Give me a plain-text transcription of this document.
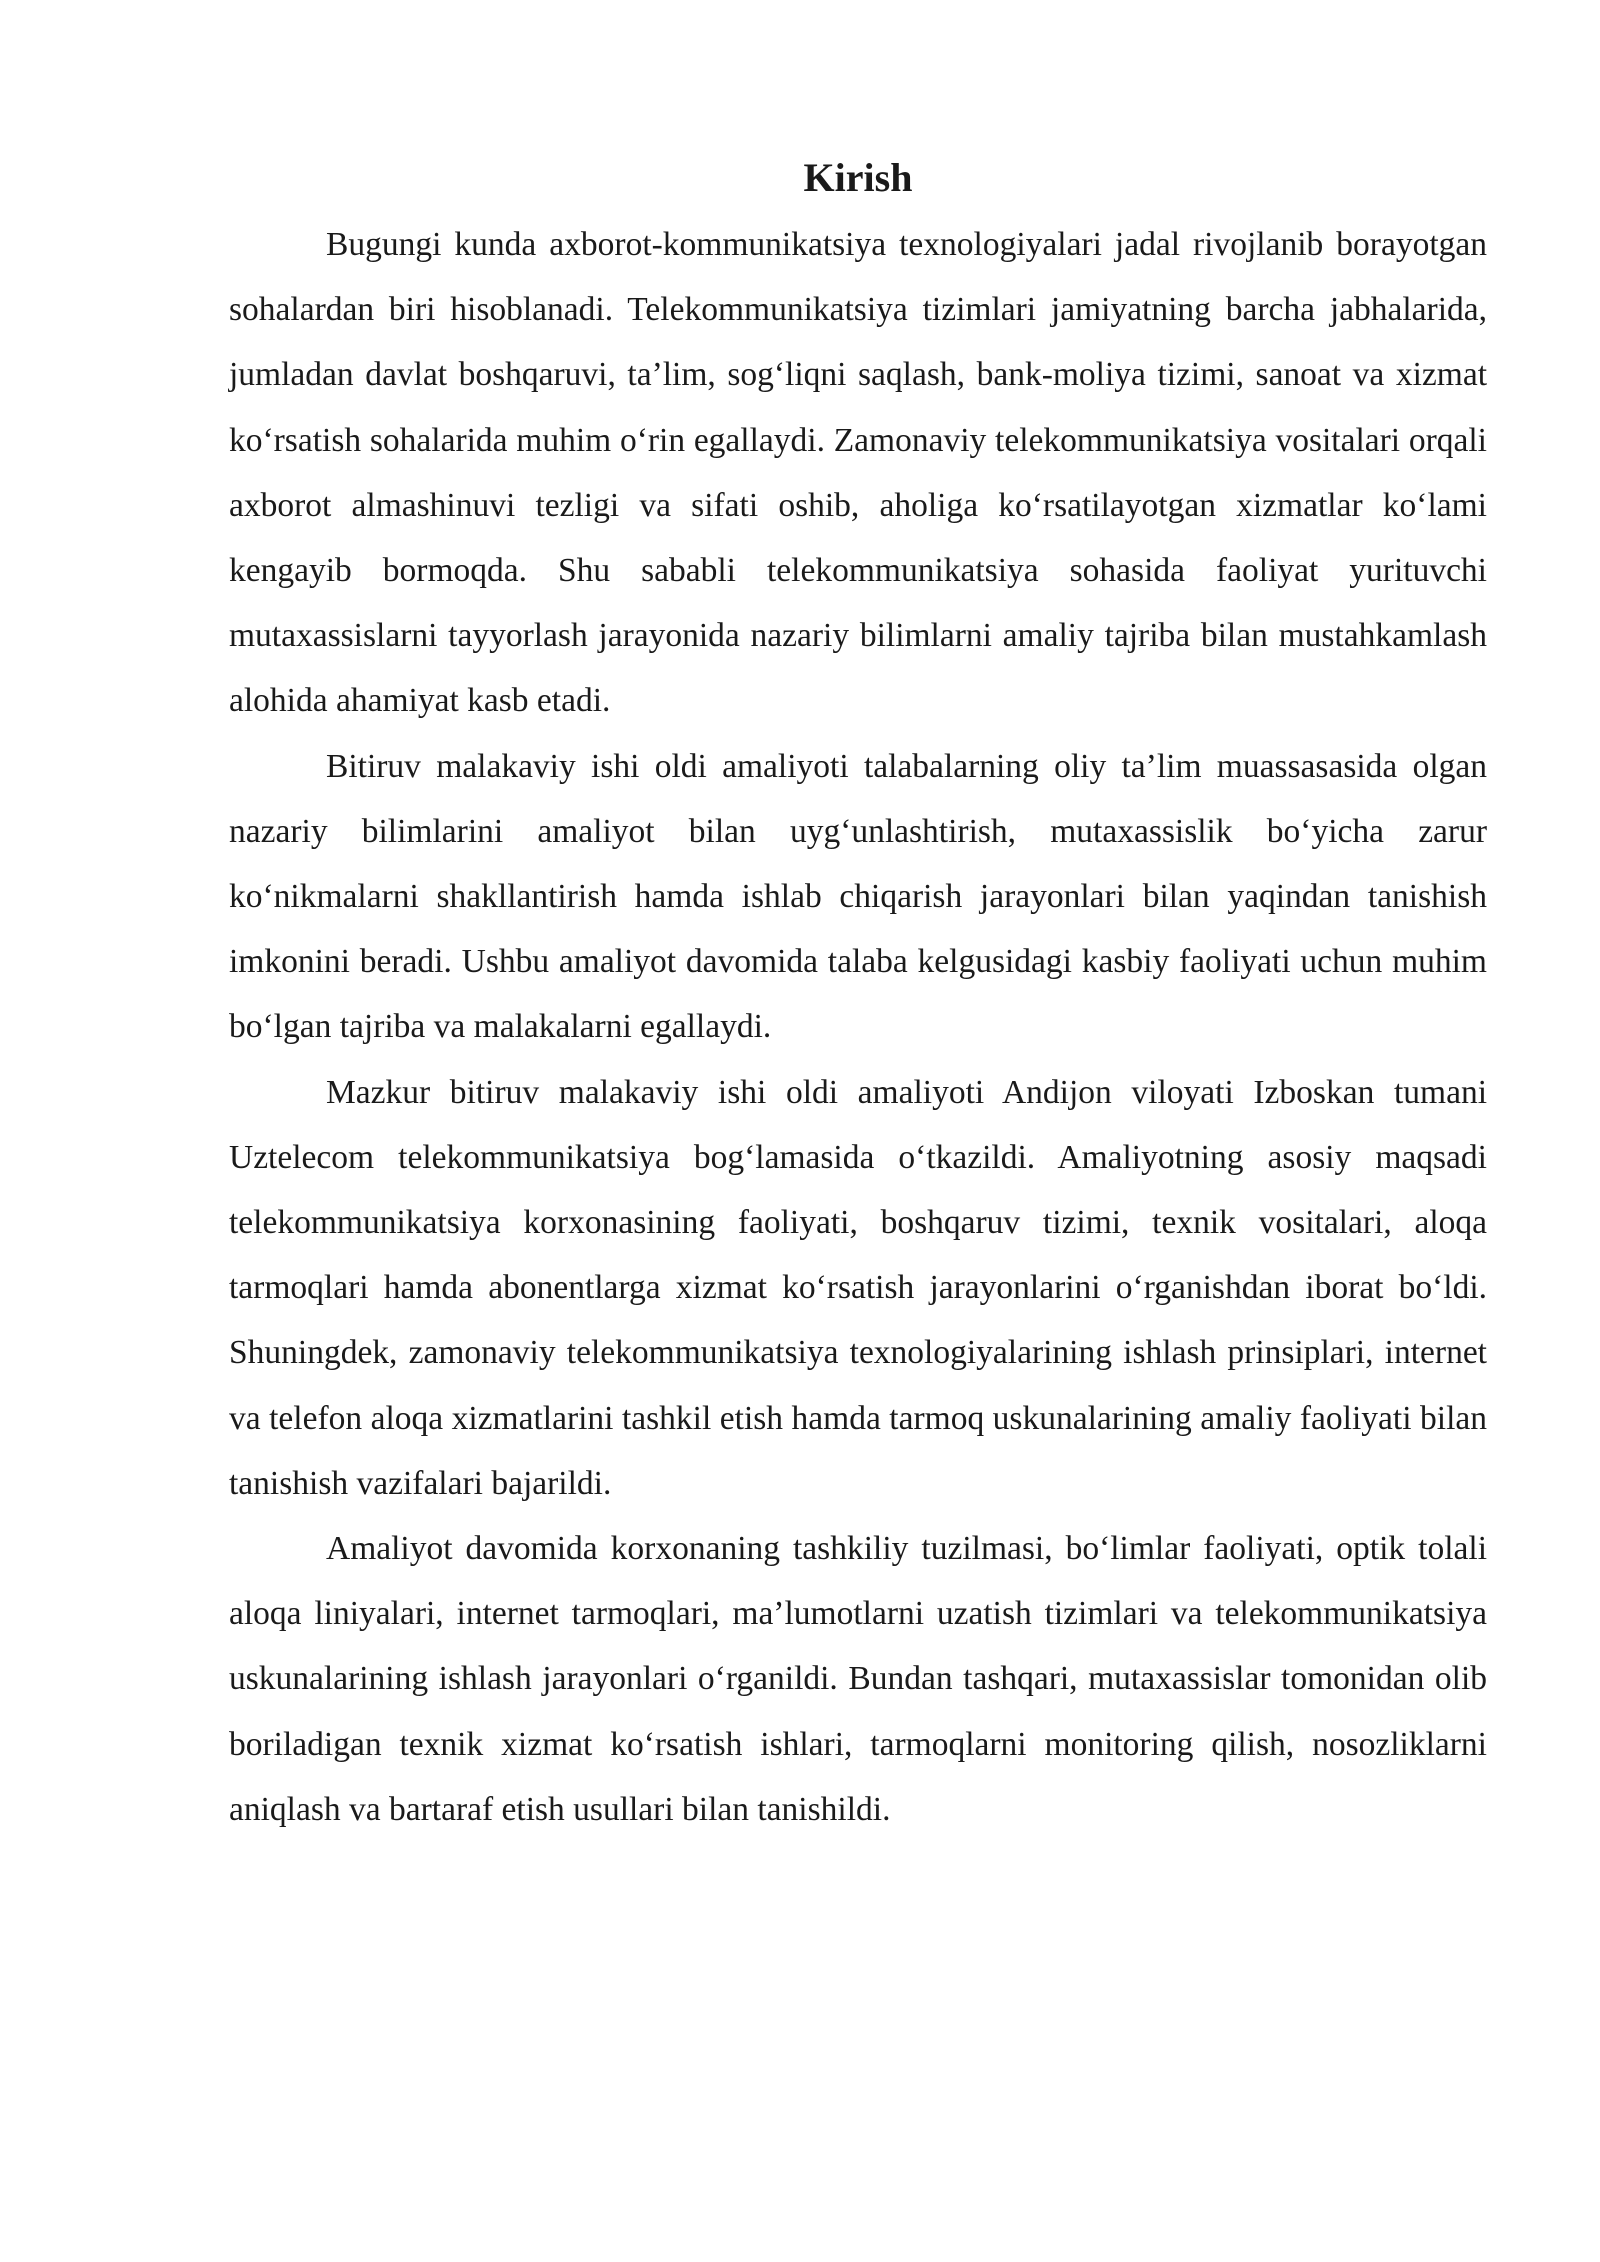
Kirish

Bugungi kunda axborot-kommunikatsiya texnologiyalari jadal rivojlanib borayotgan sohalardan biri hisoblanadi. Telekommunikatsiya tizimlari jamiyatning barcha jabhalarida, jumladan davlat boshqaruvi, ta’lim, sog‘liqni saqlash, bank-moliya tizimi, sanoat va xizmat ko‘rsatish sohalarida muhim o‘rin egallaydi. Zamonaviy telekommunikatsiya vositalari orqali axborot almashinuvi tezligi va sifati oshib, aholiga ko‘rsatilayotgan xizmatlar ko‘lami kengayib bormoqda. Shu sababli telekommunikatsiya sohasida faoliyat yurituvchi mutaxassislarni tayyorlash jarayonida nazariy bilimlarni amaliy tajriba bilan mustahkamlash alohida ahamiyat kasb etadi.

Bitiruv malakaviy ishi oldi amaliyoti talabalarning oliy ta’lim muassasasida olgan nazariy bilimlarini amaliyot bilan uyg‘unlashtirish, mutaxassislik bo‘yicha zarur ko‘nikmalarni shakllantirish hamda ishlab chiqarish jarayonlari bilan yaqindan tanishish imkonini beradi. Ushbu amaliyot davomida talaba kelgusidagi kasbiy faoliyati uchun muhim bo‘lgan tajriba va malakalarni egallaydi.

Mazkur bitiruv malakaviy ishi oldi amaliyoti Andijon viloyati Izboskan tumani Uztelecom telekommunikatsiya bog‘lamasida o‘tkazildi. Amaliyotning asosiy maqsadi telekommunikatsiya korxonasining faoliyati, boshqaruv tizimi, texnik vositalari, aloqa tarmoqlari hamda abonentlarga xizmat ko‘rsatish jarayonlarini o‘rganishdan iborat bo‘ldi. Shuningdek, zamonaviy telekommunikatsiya texnologiyalarining ishlash prinsiplari, internet va telefon aloqa xizmatlarini tashkil etish hamda tarmoq uskunalarining amaliy faoliyati bilan tanishish vazifalari bajarildi.

Amaliyot davomida korxonaning tashkiliy tuzilmasi, bo‘limlar faoliyati, optik tolali aloqa liniyalari, internet tarmoqlari, ma’lumotlarni uzatish tizimlari va telekommunikatsiya uskunalarining ishlash jarayonlari o‘rganildi. Bundan tashqari, mutaxassislar tomonidan olib boriladigan texnik xizmat ko‘rsatish ishlari, tarmoqlarni monitoring qilish, nosozliklarni aniqlash va bartaraf etish usullari bilan tanishildi.
